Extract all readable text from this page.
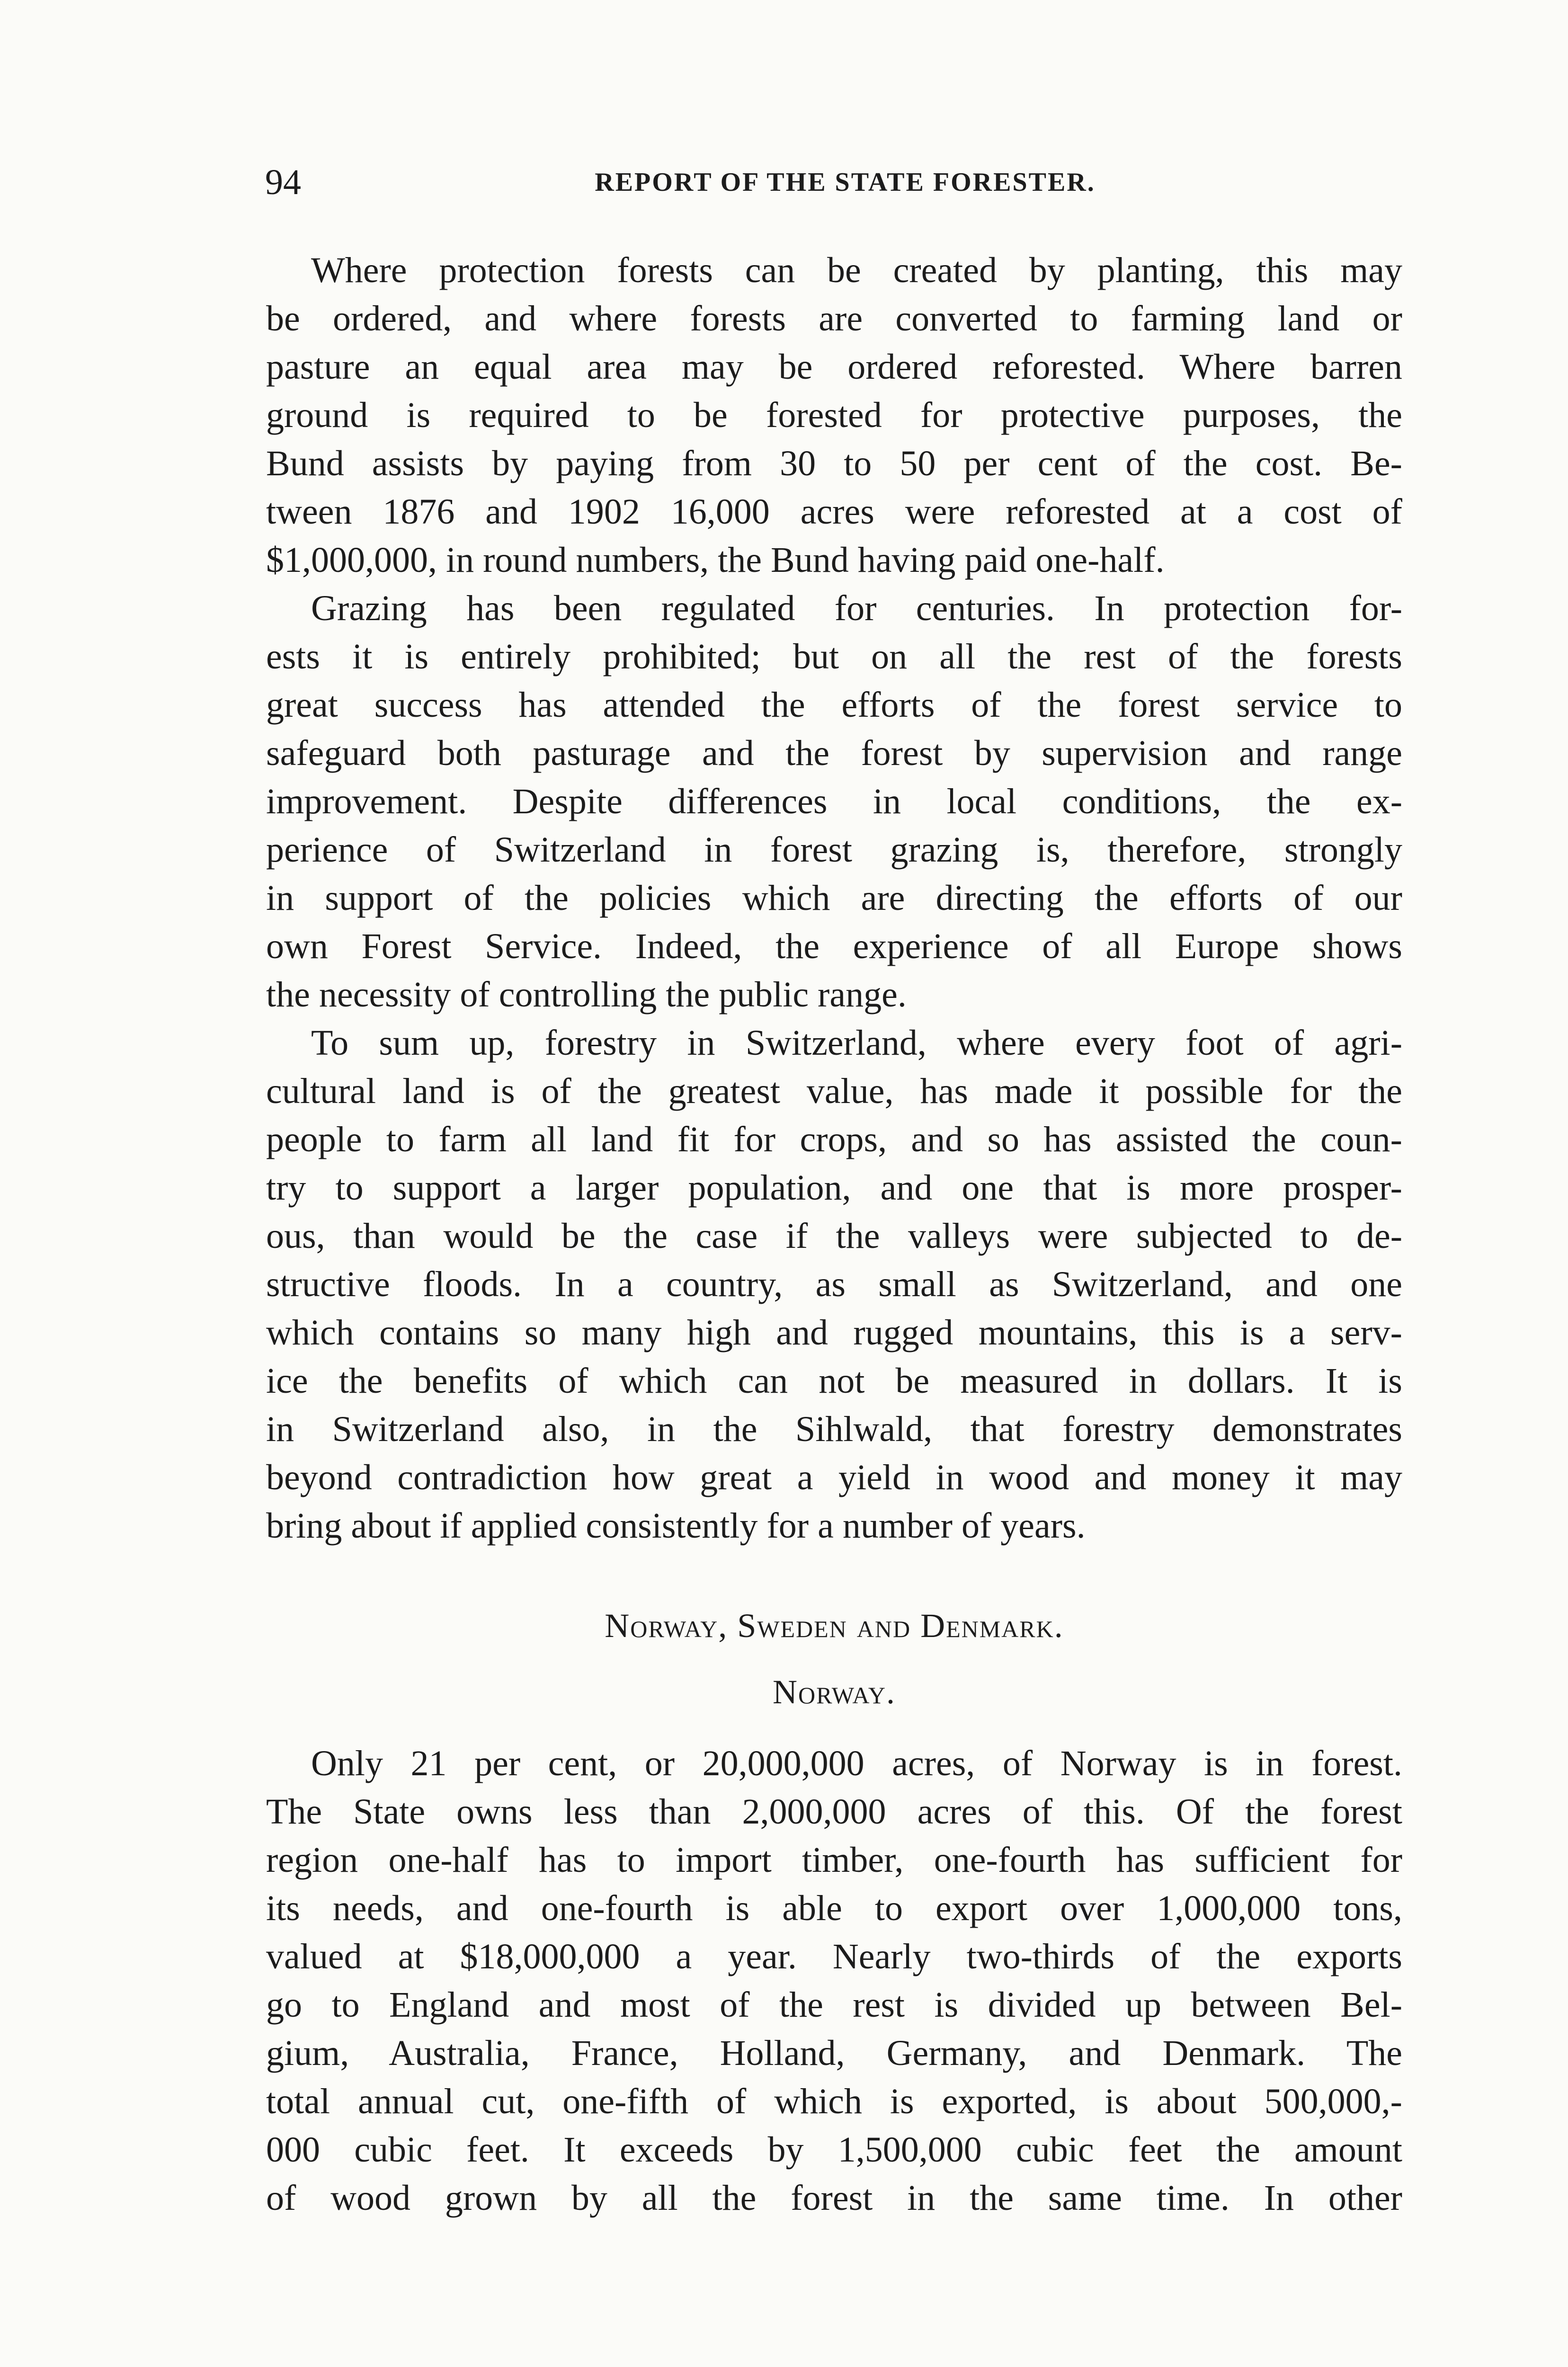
94	REPORT OF THE STATE FORESTER.
Where protection forests can be created by planting, this may
be ordered, and where forests are converted to farming land or
pasture an equal area may be ordered reforested. Where barren
ground is required to be forested for protective purposes, the
Bund assists by paying from 30 to 50 per cent of the cost. Be-
tween 1876 and 1902 16,000 acres were reforested at a cost of
$1,000,000, in round numbers, the Bund having paid one-half.
Grazing has been regulated for centuries. In protection for-
ests it is entirely prohibited; but on all the rest of the forests
great success has attended the efforts of the forest service to
safeguard both pasturage and the forest by supervision and range
improvement. Despite differences in local conditions, the ex-
perience of Switzerland in forest grazing is, therefore, strongly
in support of the policies which are directing the efforts of our
own Forest Service. Indeed, the experience of all Europe shows
the necessity of controlling the public range.
To sum up, forestry in Switzerland, where every foot of agri-
cultural land is of the greatest value, has made it possible for the
people to farm all land fit for crops, and so has assisted the coun-
try to support a larger population, and one that is more prosper-
ous, than would be the case if the valleys were subjected to de-
structive floods. In a country, as small as Switzerland, and one
which contains so many high and rugged mountains, this is a serv-
ice the benefits of which can not be measured in dollars. It is
in Switzerland also, in the Sihlwald, that forestry demonstrates
beyond contradiction how great a yield in wood and money it may
bring about if applied consistently for a number of years.
Norway, Sweden and Denmark.
Norway.
Only 21 per cent, or 20,000,000 acres, of Norway is in forest.
The State owns less than 2,000,000 acres of this. Of the forest
region one-half has to import timber, one-fourth has sufficient for
its needs, and one-fourth is able to export over 1,000,000 tons,
valued at $18,000,000 a year. Nearly two-thirds of the exports
go to England and most of the rest is divided up between Bel-
gium, Australia, France, Holland, Germany, and Denmark. The
total annual cut, one-fifth of which is exported, is about 500,000,-
000 cubic feet. It exceeds by 1,500,000 cubic feet the amount
of wood grown by all the forest in the same time. In other
